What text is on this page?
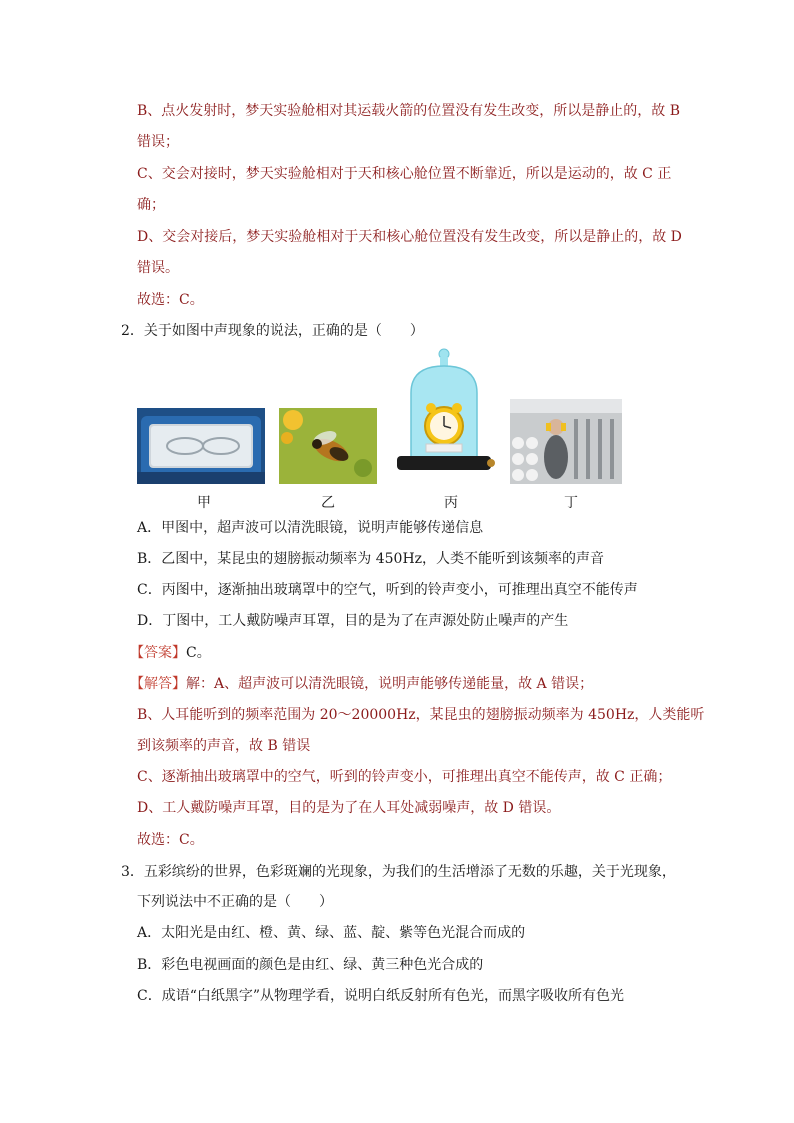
B、点火发射时，梦天实验舱相对其运载火箭的位置没有发生改变，所以是静止的，故 B
错误；
C、交会对接时，梦天实验舱相对于天和核心舱位置不断靠近，所以是运动的，故 C 正
确；
D、交会对接后，梦天实验舱相对于天和核心舱位置没有发生改变，所以是静止的，故 D
错误。
故选：C。
2．关于如图中声现象的说法，正确的是（　　）
甲	乙	丙	丁
A．甲图中，超声波可以清洗眼镜，说明声能够传递信息
B．乙图中，某昆虫的翅膀振动频率为 450Hz，人类不能听到该频率的声音
C．丙图中，逐渐抽出玻璃罩中的空气，听到的铃声变小，可推理出真空不能传声
D．丁图中，工人戴防噪声耳罩，目的是为了在声源处防止噪声的产生
【答案】C。
【解答】解：A、超声波可以清洗眼镜，说明声能够传递能量，故 A 错误；
B、人耳能听到的频率范围为 20～20000Hz，某昆虫的翅膀振动频率为 450Hz，人类能听
到该频率的声音，故 B 错误
C、逐渐抽出玻璃罩中的空气，听到的铃声变小，可推理出真空不能传声，故 C 正确；
D、工人戴防噪声耳罩，目的是为了在人耳处减弱噪声，故 D 错误。
故选：C。
3．五彩缤纷的世界，色彩斑斓的光现象，为我们的生活增添了无数的乐趣，关于光现象，
下列说法中不正确的是（　　）
A．太阳光是由红、橙、黄、绿、蓝、靛、紫等色光混合而成的
B．彩色电视画面的颜色是由红、绿、黄三种色光合成的
C．成语“白纸黑字”从物理学看，说明白纸反射所有色光，而黑字吸收所有色光
